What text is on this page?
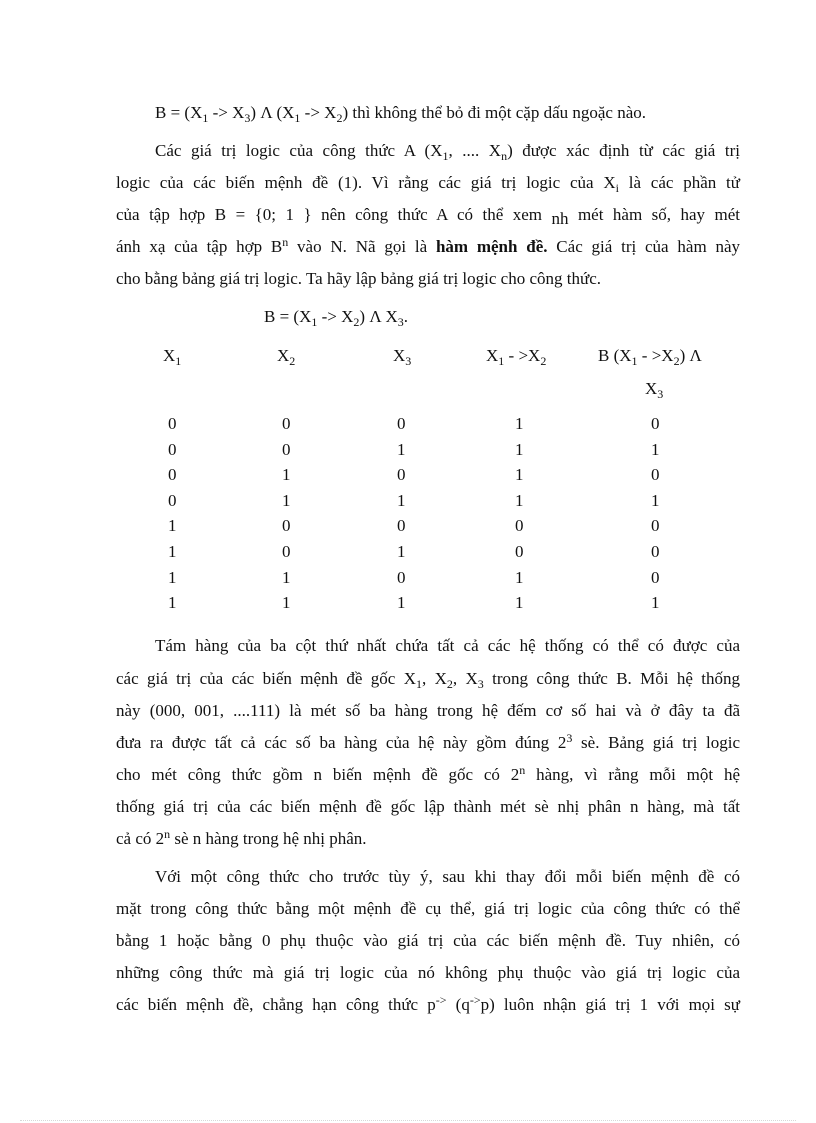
$B = (X_1 -> X_3)$ Λ $(X_1 -> X_2)$ thì không thể bỏ đi một cặp dấu ngoặc nào.
Các giá trị logic của công thức A ($X_1$, .... $X_n$) được xác định từ các giá trị
logic của các biến mệnh đề (1). Vì rằng các giá trị logic của $X_i$ là các phần tử
của tập hợp B = {0; 1 } nên công thức A có thể xem nh mét hàm số, hay mét
ánh xạ của tập hợp $B^n$ vào N. Nã gọi là hàm mệnh đề. Các giá trị của hàm này
cho bằng bảng giá trị logic. Ta hãy lập bảng giá trị logic cho công thức.
$B = (X_1 -> X_2)$ Λ $X_3$.
$X_1$	$X_2$	$X_3$	$X_1 - >X_2$	B $(X_1 - >X_2)$ Λ
$X_3$
0	0	0	1	0
0	0	1	1	1
0	1	0	1	0
0	1	1	1	1
1	0	0	0	0
1	0	1	0	0
1	1	0	1	0
1	1	1	1	1
Tám hàng của ba cột thứ nhất chứa tất cả các hệ thống có thể có được của
các giá trị của các biến mệnh đề gốc $X_1$, $X_2$, $X_3$ trong công thức B. Mỗi hệ thống
này (000, 001, ....111) là mét số ba hàng trong hệ đếm cơ số hai và ở đây ta đã
đưa ra được tất cả các số ba hàng của hệ này gồm đúng $2^3$ sè. Bảng giá trị logic
cho mét công thức gồm n biến mệnh đề gốc có 2$^n$ hàng, vì rằng mỗi một hệ
thống giá trị của các biến mệnh đề gốc lập thành mét sè nhị phân n hàng, mà tất
cả có 2$^n$ sè n hàng trong hệ nhị phân.
Với một công thức cho trước tùy ý, sau khi thay đổi mỗi biến mệnh đề có
mặt trong công thức bằng một mệnh đề cụ thể, giá trị logic của công thức có thể
bằng 1 hoặc bằng 0 phụ thuộc vào giá trị của các biến mệnh đề. Tuy nhiên, có
những công thức mà giá trị logic của nó không phụ thuộc vào giá trị logic của
các biến mệnh đề, chẳng hạn công thức p-> (q->p) luôn nhận giá trị 1 với mọi sự
